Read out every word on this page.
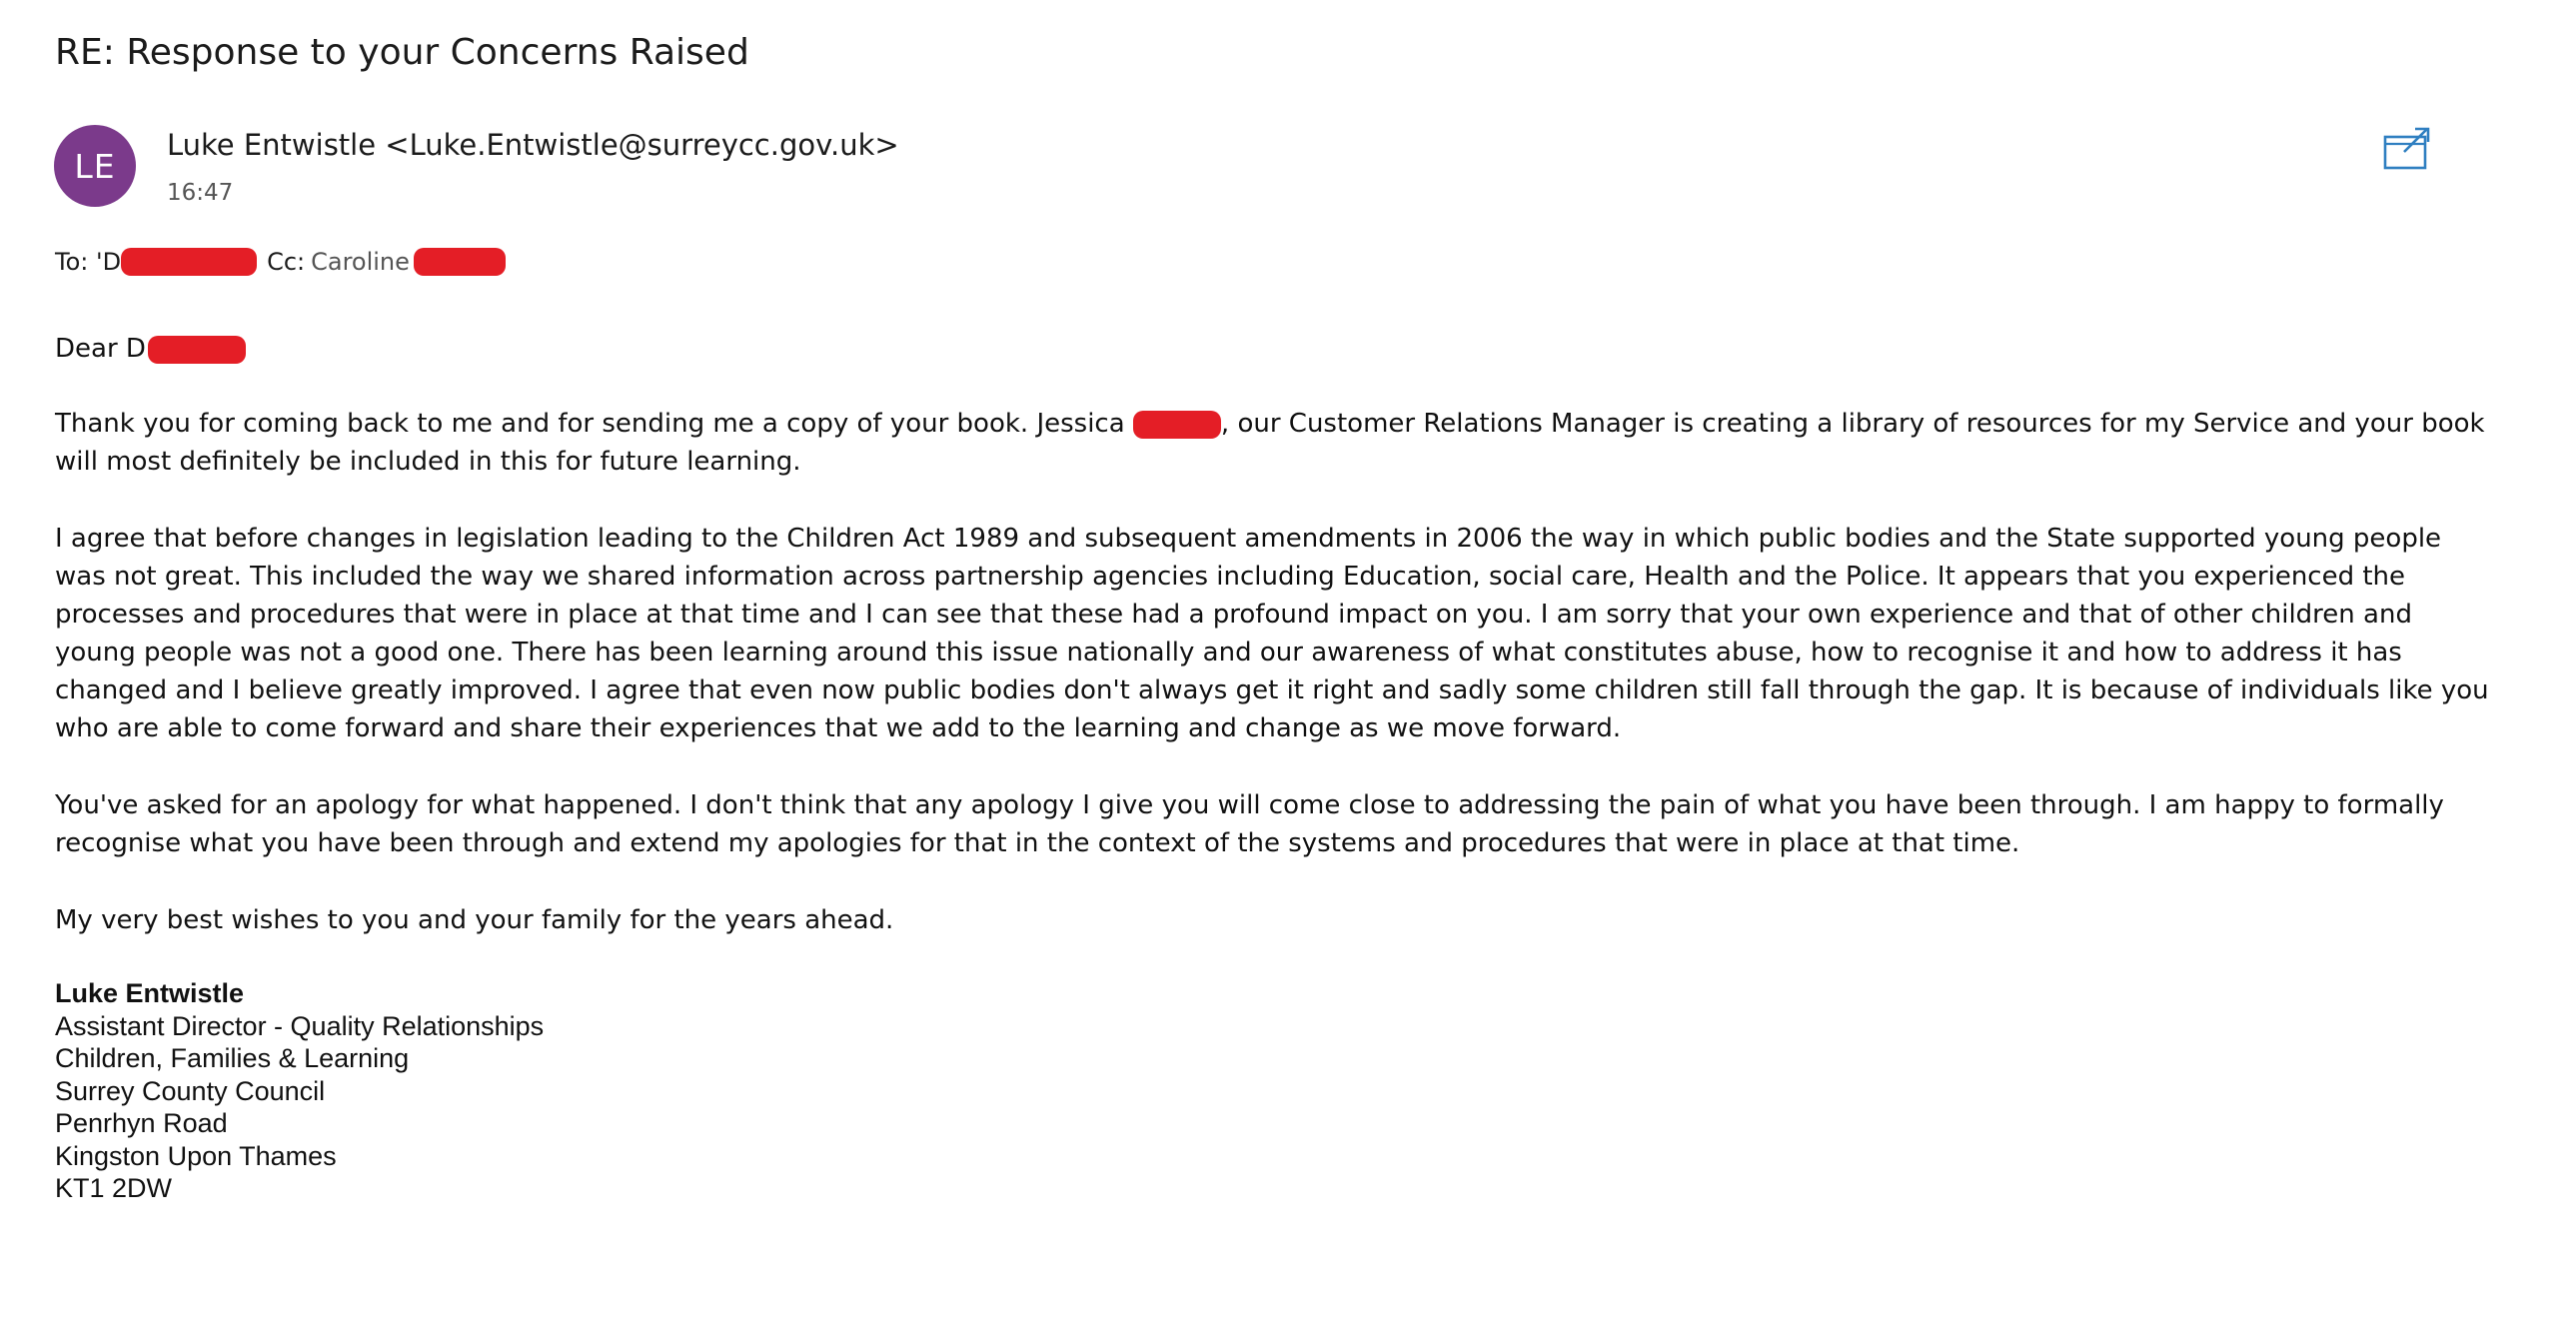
RE: Response to your Concerns Raised
LE
Luke Entwistle <Luke.Entwistle@surreycc.gov.uk>
16:47
To: 'D	Cc: Caroline
Dear D

Thank you for coming back to me and for sending me a copy of your book. Jessica	, our Customer Relations Manager is creating a library of resources for my Service and your book will most definitely be included in this for future learning.

I agree that before changes in legislation leading to the Children Act 1989 and subsequent amendments in 2006 the way in which public bodies and the State supported young people was not great. This included the way we shared information across partnership agencies including Education, social care, Health and the Police. It appears that you experienced the processes and procedures that were in place at that time and I can see that these had a profound impact on you. I am sorry that your own experience and that of other children and young people was not a good one. There has been learning around this issue nationally and our awareness of what constitutes abuse, how to recognise it and how to address it has changed and I believe greatly improved. I agree that even now public bodies don't always get it right and sadly some children still fall through the gap. It is because of individuals like you who are able to come forward and share their experiences that we add to the learning and change as we move forward.

You've asked for an apology for what happened. I don't think that any apology I give you will come close to addressing the pain of what you have been through. I am happy to formally recognise what you have been through and extend my apologies for that in the context of the systems and procedures that were in place at that time.

My very best wishes to you and your family for the years ahead.

Luke Entwistle
Assistant Director - Quality Relationships
Children, Families & Learning
Surrey County Council
Penrhyn Road
Kingston Upon Thames
KT1 2DW
